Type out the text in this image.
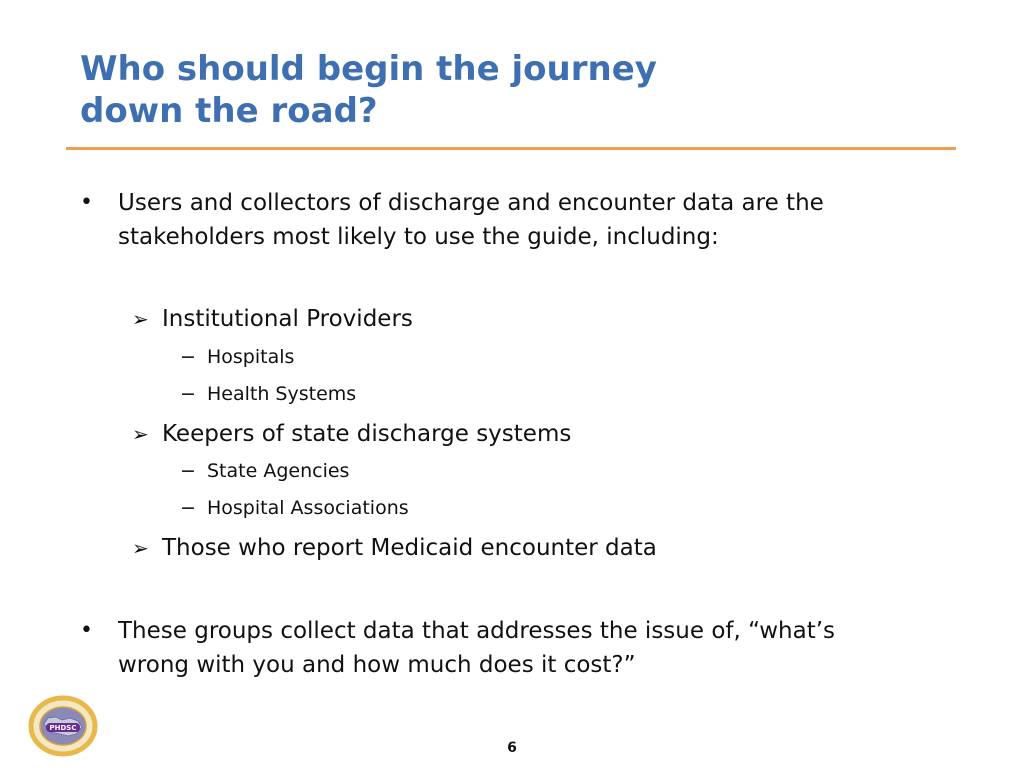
Who should begin the journey
down the road?
• Users and collectors of discharge and encounter data are the
stakeholders most likely to use the guide, including:
➢ Institutional Providers
− Hospitals
− Health Systems
➢ Keepers of state discharge systems
− State Agencies
− Hospital Associations
➢ Those who report Medicaid encounter data
• These groups collect data that addresses the issue of, “what’s
wrong with you and how much does it cost?”
PHDSC
6
